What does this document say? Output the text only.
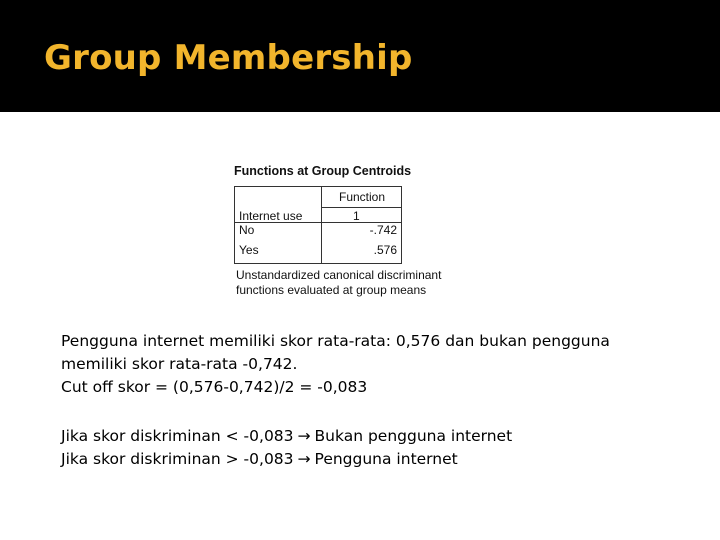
Group Membership
Functions at Group Centroids
Function
Internet use	1
No	-.742
Yes	.576
Unstandardized canonical discriminant
functions evaluated at group means
Pengguna internet memiliki skor rata-rata: 0,576 dan bukan pengguna
memiliki skor rata-rata -0,742.
Cut off skor = (0,576-0,742)/2 = -0,083
Jika skor diskriminan < -0,083 → Bukan pengguna internet
Jika skor diskriminan > -0,083 → Pengguna internet
